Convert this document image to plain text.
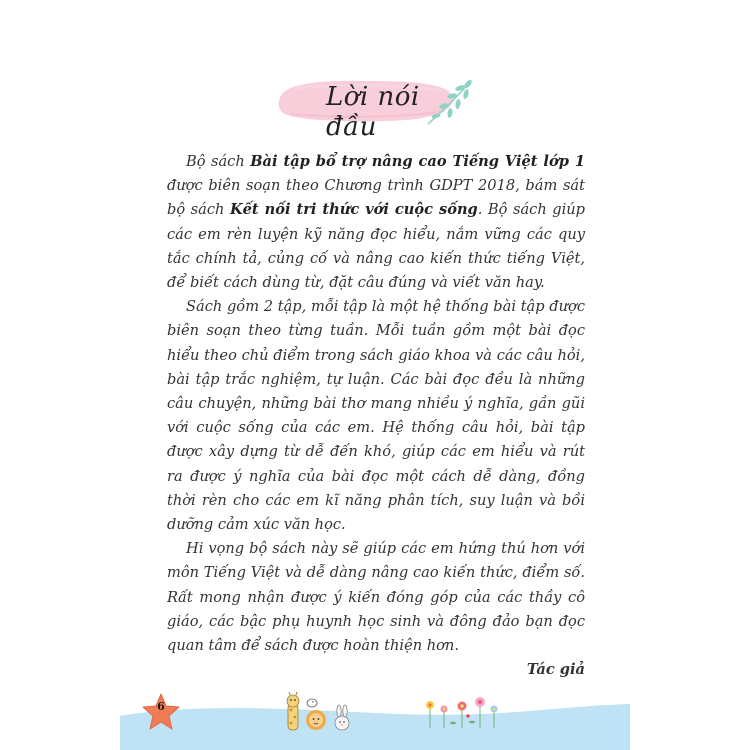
Lời nói đầu

Bộ sách Bài tập bổ trợ nâng cao Tiếng Việt lớp 1 được biên soạn theo Chương trình GDPT 2018, bám sát bộ sách Kết nối tri thức với cuộc sống. Bộ sách giúp các em rèn luyện kỹ năng đọc hiểu, nắm vững các quy tắc chính tả, củng cố và nâng cao kiến thức tiếng Việt, để biết cách dùng từ, đặt câu đúng và viết văn hay.

Sách gồm 2 tập, mỗi tập là một hệ thống bài tập được biên soạn theo từng tuần. Mỗi tuần gồm một bài đọc hiểu theo chủ điểm trong sách giáo khoa và các câu hỏi, bài tập trắc nghiệm, tự luận. Các bài đọc đều là những câu chuyện, những bài thơ mang nhiều ý nghĩa, gần gũi với cuộc sống của các em. Hệ thống câu hỏi, bài tập được xây dựng từ dễ đến khó, giúp các em hiểu và rút ra được ý nghĩa của bài đọc một cách dễ dàng, đồng thời rèn cho các em kĩ năng phân tích, suy luận và bồi dưỡng cảm xúc văn học.

Hi vọng bộ sách này sẽ giúp các em hứng thú hơn với môn Tiếng Việt và dễ dàng nâng cao kiến thức, điểm số. Rất mong nhận được ý kiến đóng góp của các thầy cô giáo, các bậc phụ huynh học sinh và đông đảo bạn đọc quan tâm để sách được hoàn thiện hơn.

Tác giả
6
